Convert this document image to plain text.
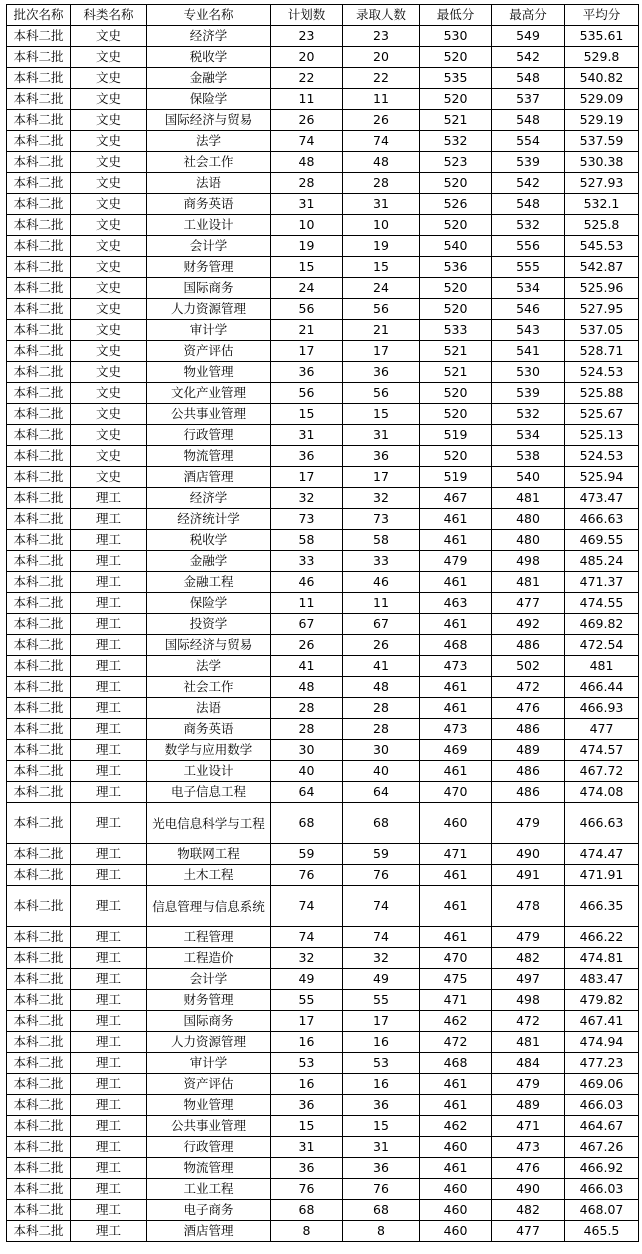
批次名称	科类名称	专业名称	计划数	录取人数	最低分	最高分	平均分
本科二批	文史	经济学	23	23	530	549	535.61
本科二批	文史	税收学	20	20	520	542	529.8
本科二批	文史	金融学	22	22	535	548	540.82
本科二批	文史	保险学	11	11	520	537	529.09
本科二批	文史	国际经济与贸易	26	26	521	548	529.19
本科二批	文史	法学	74	74	532	554	537.59
本科二批	文史	社会工作	48	48	523	539	530.38
本科二批	文史	法语	28	28	520	542	527.93
本科二批	文史	商务英语	31	31	526	548	532.1
本科二批	文史	工业设计	10	10	520	532	525.8
本科二批	文史	会计学	19	19	540	556	545.53
本科二批	文史	财务管理	15	15	536	555	542.87
本科二批	文史	国际商务	24	24	520	534	525.96
本科二批	文史	人力资源管理	56	56	520	546	527.95
本科二批	文史	审计学	21	21	533	543	537.05
本科二批	文史	资产评估	17	17	521	541	528.71
本科二批	文史	物业管理	36	36	521	530	524.53
本科二批	文史	文化产业管理	56	56	520	539	525.88
本科二批	文史	公共事业管理	15	15	520	532	525.67
本科二批	文史	行政管理	31	31	519	534	525.13
本科二批	文史	物流管理	36	36	520	538	524.53
本科二批	文史	酒店管理	17	17	519	540	525.94
本科二批	理工	经济学	32	32	467	481	473.47
本科二批	理工	经济统计学	73	73	461	480	466.63
本科二批	理工	税收学	58	58	461	480	469.55
本科二批	理工	金融学	33	33	479	498	485.24
本科二批	理工	金融工程	46	46	461	481	471.37
本科二批	理工	保险学	11	11	463	477	474.55
本科二批	理工	投资学	67	67	461	492	469.82
本科二批	理工	国际经济与贸易	26	26	468	486	472.54
本科二批	理工	法学	41	41	473	502	481
本科二批	理工	社会工作	48	48	461	472	466.44
本科二批	理工	法语	28	28	461	476	466.93
本科二批	理工	商务英语	28	28	473	486	477
本科二批	理工	数学与应用数学	30	30	469	489	474.57
本科二批	理工	工业设计	40	40	461	486	467.72
本科二批	理工	电子信息工程	64	64	470	486	474.08
本科二批	理工	光电信息科学与工程	68	68	460	479	466.63
本科二批	理工	物联网工程	59	59	471	490	474.47
本科二批	理工	土木工程	76	76	461	491	471.91
本科二批	理工	信息管理与信息系统	74	74	461	478	466.35
本科二批	理工	工程管理	74	74	461	479	466.22
本科二批	理工	工程造价	32	32	470	482	474.81
本科二批	理工	会计学	49	49	475	497	483.47
本科二批	理工	财务管理	55	55	471	498	479.82
本科二批	理工	国际商务	17	17	462	472	467.41
本科二批	理工	人力资源管理	16	16	472	481	474.94
本科二批	理工	审计学	53	53	468	484	477.23
本科二批	理工	资产评估	16	16	461	479	469.06
本科二批	理工	物业管理	36	36	461	489	466.03
本科二批	理工	公共事业管理	15	15	462	471	464.67
本科二批	理工	行政管理	31	31	460	473	467.26
本科二批	理工	物流管理	36	36	461	476	466.92
本科二批	理工	工业工程	76	76	460	490	466.03
本科二批	理工	电子商务	68	68	460	482	468.07
本科二批	理工	酒店管理	8	8	460	477	465.5
